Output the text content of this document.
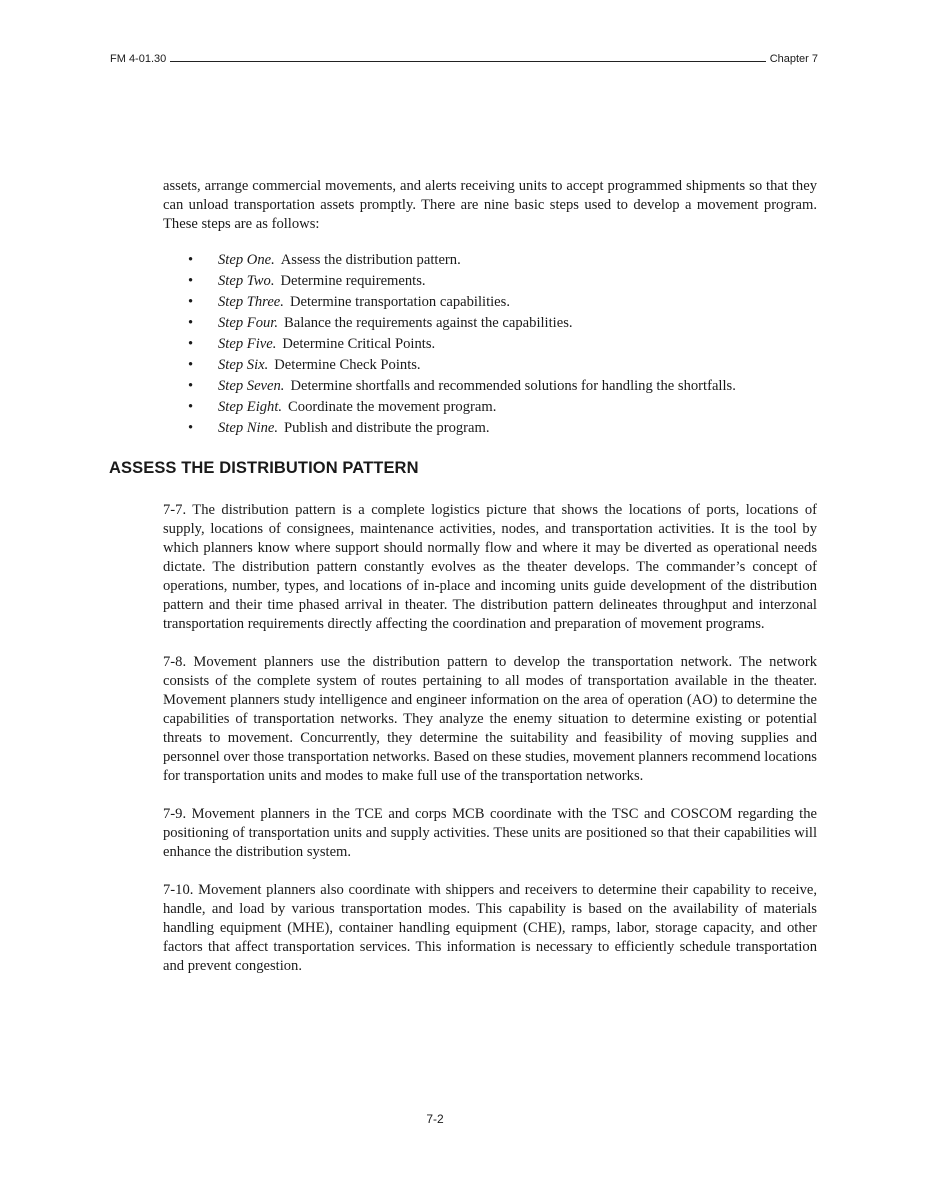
FM 4-01.30	Chapter 7

assets, arrange commercial movements, and alerts receiving units to accept programmed shipments so that they can unload transportation assets promptly. There are nine basic steps used to develop a movement program. These steps are as follows:

• Step One. Assess the distribution pattern.
• Step Two. Determine requirements.
• Step Three. Determine transportation capabilities.
• Step Four. Balance the requirements against the capabilities.
• Step Five. Determine Critical Points.
• Step Six. Determine Check Points.
• Step Seven. Determine shortfalls and recommended solutions for handling the shortfalls.
• Step Eight. Coordinate the movement program.
• Step Nine. Publish and distribute the program.
ASSESS THE DISTRIBUTION PATTERN

7-7. The distribution pattern is a complete logistics picture that shows the locations of ports, locations of supply, locations of consignees, maintenance activities, nodes, and transportation activities. It is the tool by which planners know where support should normally flow and where it may be diverted as operational needs dictate. The distribution pattern constantly evolves as the theater develops. The commander’s concept of operations, number, types, and locations of in-place and incoming units guide development of the distribution pattern and their time phased arrival in theater. The distribution pattern delineates throughput and interzonal transportation requirements directly affecting the coordination and preparation of movement programs.

7-8. Movement planners use the distribution pattern to develop the transportation network. The network consists of the complete system of routes pertaining to all modes of transportation available in the theater. Movement planners study intelligence and engineer information on the area of operation (AO) to determine the capabilities of transportation networks. They analyze the enemy situation to determine existing or potential threats to movement. Concurrently, they determine the suitability and feasibility of moving supplies and personnel over those transportation networks. Based on these studies, movement planners recommend locations for transportation units and modes to make full use of the transportation networks.

7-9. Movement planners in the TCE and corps MCB coordinate with the TSC and COSCOM regarding the positioning of transportation units and supply activities. These units are positioned so that their capabilities will enhance the distribution system.

7-10. Movement planners also coordinate with shippers and receivers to determine their capability to receive, handle, and load by various transportation modes. This capability is based on the availability of materials handling equipment (MHE), container handling equipment (CHE), ramps, labor, storage capacity, and other factors that affect transportation services. This information is necessary to efficiently schedule transportation and prevent congestion.

7-2
